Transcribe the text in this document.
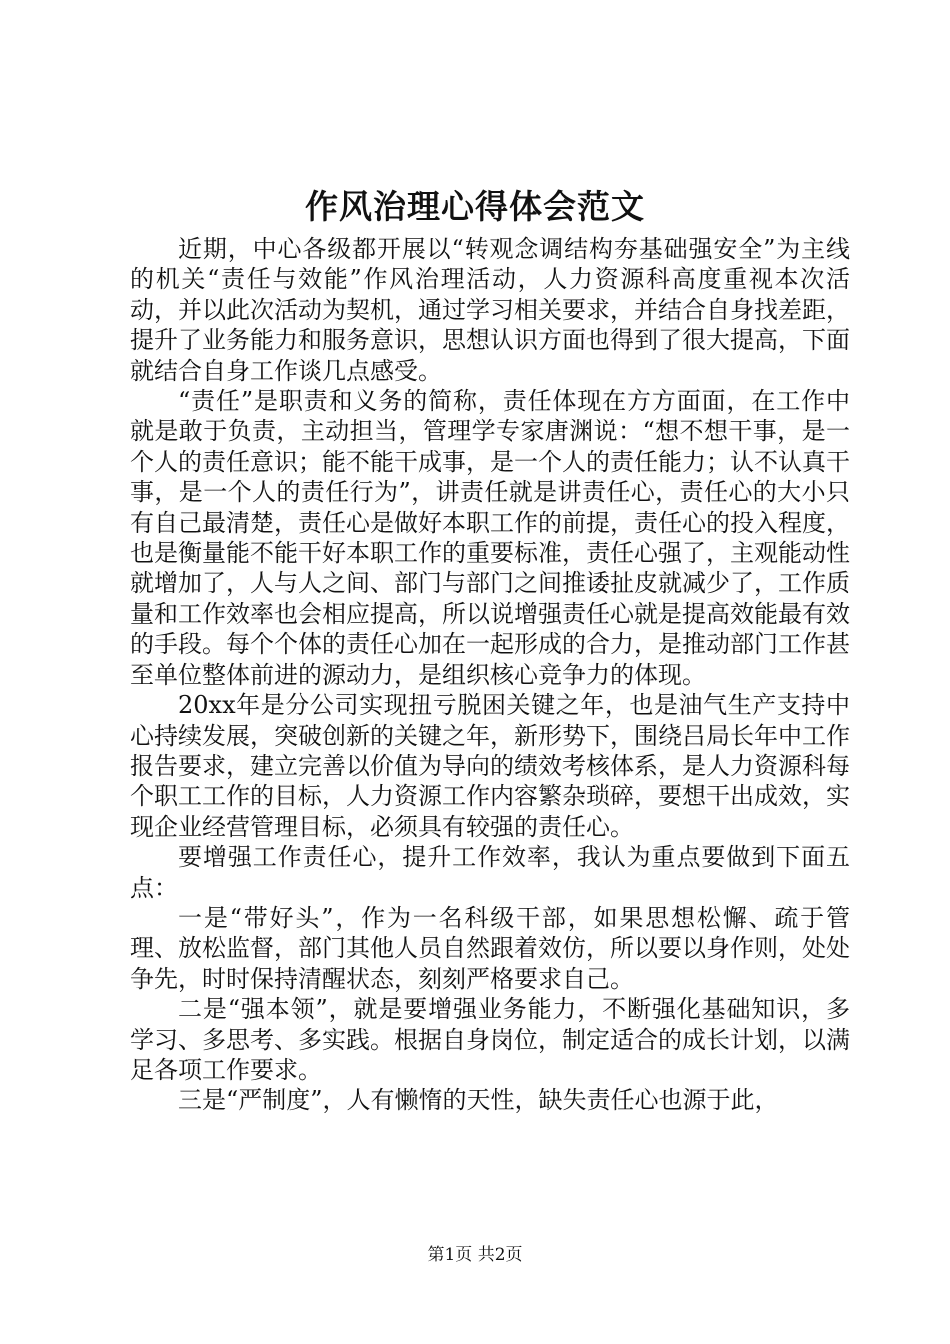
作风治理心得体会范文

近期，中心各级都开展以“转观念调结构夯基础强安全”为主线的机关“责任与效能”作风治理活动，人力资源科高度重视本次活动，并以此次活动为契机，通过学习相关要求，并结合自身找差距，提升了业务能力和服务意识，思想认识方面也得到了很大提高，下面就结合自身工作谈几点感受。

“责任”是职责和义务的简称，责任体现在方方面面，在工作中就是敢于负责，主动担当，管理学专家唐渊说：“想不想干事，是一个人的责任意识；能不能干成事，是一个人的责任能力；认不认真干事，是一个人的责任行为”，讲责任就是讲责任心，责任心的大小只有自己最清楚，责任心是做好本职工作的前提，责任心的投入程度，也是衡量能不能干好本职工作的重要标准，责任心强了，主观能动性就增加了，人与人之间、部门与部门之间推诿扯皮就减少了，工作质量和工作效率也会相应提高，所以说增强责任心就是提高效能最有效的手段。每个个体的责任心加在一起形成的合力，是推动部门工作甚至单位整体前进的源动力，是组织核心竞争力的体现。

20xx年是分公司实现扭亏脱困关键之年，也是油气生产支持中心持续发展，突破创新的关键之年，新形势下，围绕吕局长年中工作报告要求，建立完善以价值为导向的绩效考核体系，是人力资源科每个职工工作的目标，人力资源工作内容繁杂琐碎，要想干出成效，实现企业经营管理目标，必须具有较强的责任心。

要增强工作责任心，提升工作效率，我认为重点要做到下面五点：

一是“带好头”，作为一名科级干部，如果思想松懈、疏于管理、放松监督，部门其他人员自然跟着效仿，所以要以身作则，处处争先，时时保持清醒状态，刻刻严格要求自己。

二是“强本领”，就是要增强业务能力，不断强化基础知识，多学习、多思考、多实践。根据自身岗位，制定适合的成长计划，以满足各项工作要求。

三是“严制度”，人有懒惰的天性，缺失责任心也源于此，

第1页 共2页
